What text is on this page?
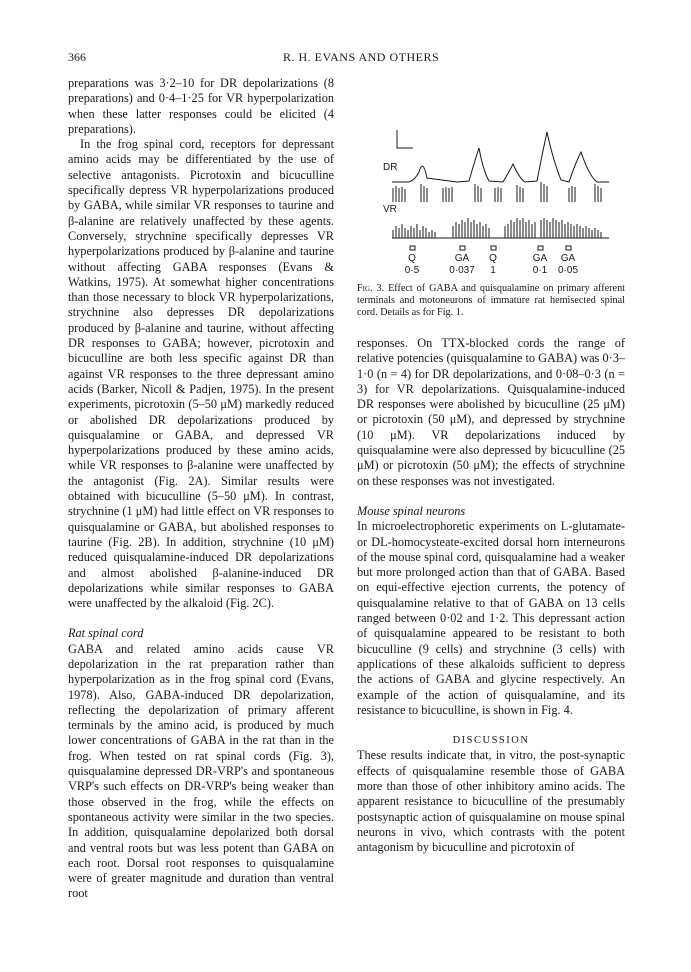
366	R. H. EVANS AND OTHERS

preparations was 3·2–10 for DR depolarizations (8 preparations) and 0·4–1·25 for VR hyperpolarization when these latter responses could be elicited (4 preparations).

In the frog spinal cord, receptors for depressant amino acids may be differentiated by the use of selective antagonists. Picrotoxin and bicuculline specifically depress VR hyperpolarizations produced by GABA, while similar VR responses to taurine and β-alanine are relatively unaffected by these agents. Conversely, strychnine specifically depresses VR hyperpolarizations produced by β-alanine and taurine without affecting GABA responses (Evans & Watkins, 1975). At somewhat higher concentrations than those necessary to block VR hyperpolarizations, strychnine also depresses DR depolarizations produced by β-alanine and taurine, without affecting DR responses to GABA; however, picrotoxin and bicuculline are both less specific against DR than against VR responses to the three depressant amino acids (Barker, Nicoll & Padjen, 1975). In the present experiments, picrotoxin (5–50 μM) markedly reduced or abolished DR depolarizations produced by quisqualamine or GABA, and depressed VR hyperpolarizations produced by these amino acids, while VR responses to β-alanine were unaffected by the antagonist (Fig. 2A). Similar results were obtained with bicuculline (5–50 μM). In contrast, strychnine (1 μM) had little effect on VR responses to quisqualamine or GABA, but abolished responses to taurine (Fig. 2B). In addition, strychnine (10 μM) reduced quisqualamine-induced DR depolarizations and almost abolished β-alanine-induced DR depolarizations while similar responses to GABA were unaffected by the alkaloid (Fig. 2C).

Rat spinal cord

GABA and related amino acids cause VR depolarization in the rat preparation rather than hyperpolarization as in the frog spinal cord (Evans, 1978). Also, GABA-induced DR depolarization, reflecting the depolarization of primary afferent terminals by the amino acid, is produced by much lower concentrations of GABA in the rat than in the frog. When tested on rat spinal cords (Fig. 3), quisqualamine depressed DR-VRP's and spontaneous VRP's such effects on DR-VRP's being weaker than those observed in the frog, while the effects on spontaneous activity were similar in the two species. In addition, quisqualamine depolarized both dorsal and ventral roots but was less potent than GABA on each root. Dorsal root responses to quisqualamine were of greater magnitude and duration than ventral root

DR
VR
Q	GA Q	GA GA
0·5	0·037 1	0·1 0·05
Fig. 3. Effect of GABA and quisqualamine on primary afferent terminals and motoneurons of immature rat hemisected spinal cord. Details as for Fig. 1.

responses. On TTX-blocked cords the range of relative potencies (quisqualamine to GABA) was 0·3–1·0 (n = 4) for DR depolarizations, and 0·08–0·3 (n = 3) for VR depolarizations. Quisqualamine-induced DR responses were abolished by bicuculline (25 μM) or picrotoxin (50 μM), and depressed by strychnine (10 μM). VR depolarizations induced by quisqualamine were also depressed by bicuculline (25 μM) or picrotoxin (50 μM); the effects of strychnine on these responses was not investigated.

Mouse spinal neurons

In microelectrophoretic experiments on L-glutamate- or DL-homocysteate-excited dorsal horn interneurons of the mouse spinal cord, quisqualamine had a weaker but more prolonged action than that of GABA. Based on equi-effective ejection currents, the potency of quisqualamine relative to that of GABA on 13 cells ranged between 0·02 and 1·2. This depressant action of quisqualamine appeared to be resistant to both bicuculline (9 cells) and strychnine (3 cells) with applications of these alkaloids sufficient to depress the actions of GABA and glycine respectively. An example of the action of quisqualamine, and its resistance to bicuculline, is shown in Fig. 4.

DISCUSSION

These results indicate that, in vitro, the post-synaptic effects of quisqualamine resemble those of GABA more than those of other inhibitory amino acids. The apparent resistance to bicuculline of the presumably postsynaptic action of quisqualamine on mouse spinal neurons in vivo, which contrasts with the potent antagonism by bicuculline and picrotoxin of
